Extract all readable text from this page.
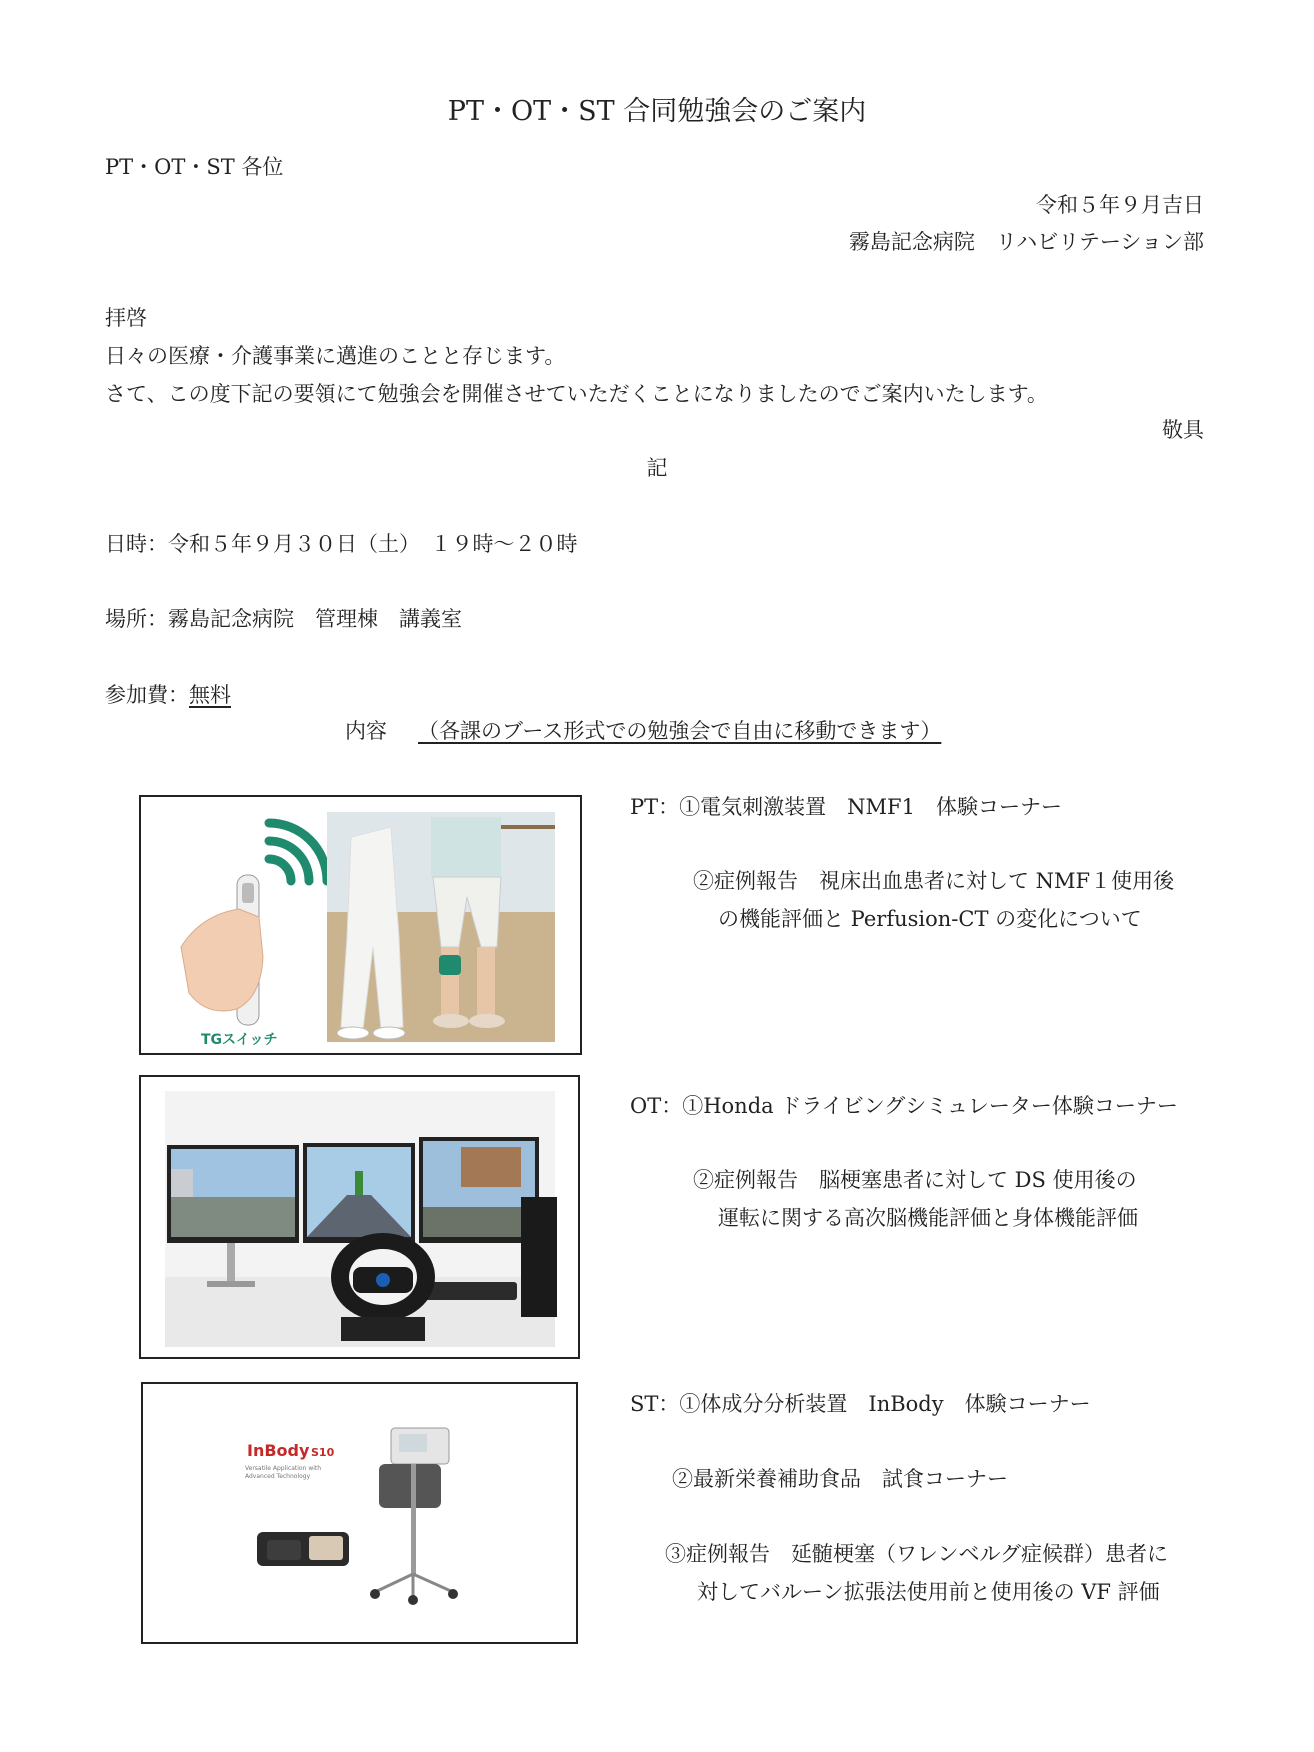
PT・OT・ST 合同勉強会のご案内
PT・OT・ST 各位
令和５年９月吉日
霧島記念病院　リハビリテーション部
拝啓
日々の医療・介護事業に邁進のことと存じます。
さて、この度下記の要領にて勉強会を開催させていただくことになりましたのでご案内いたします。
敬具
記
日時：令和５年９月３０日（土）　１９時～２０時
場所：霧島記念病院　管理棟　講義室
参加費：無料
内容 （各課のブース形式での勉強会で自由に移動できます）
TGスイッチ
PT：①電気刺激装置　NMF1　体験コーナー
②症例報告　視床出血患者に対して NMF１使用後
の機能評価と Perfusion-CT の変化について
OT：①Honda ドライビングシミュレーター体験コーナー
②症例報告　脳梗塞患者に対して DS 使用後の
運転に関する高次脳機能評価と身体機能評価
InBody S10
Versatile Application with
Advanced Technology
ST：①体成分分析装置　InBody　体験コーナー
②最新栄養補助食品　試食コーナー
③症例報告　延髄梗塞（ワレンベルグ症候群）患者に
対してバルーン拡張法使用前と使用後の VF 評価
